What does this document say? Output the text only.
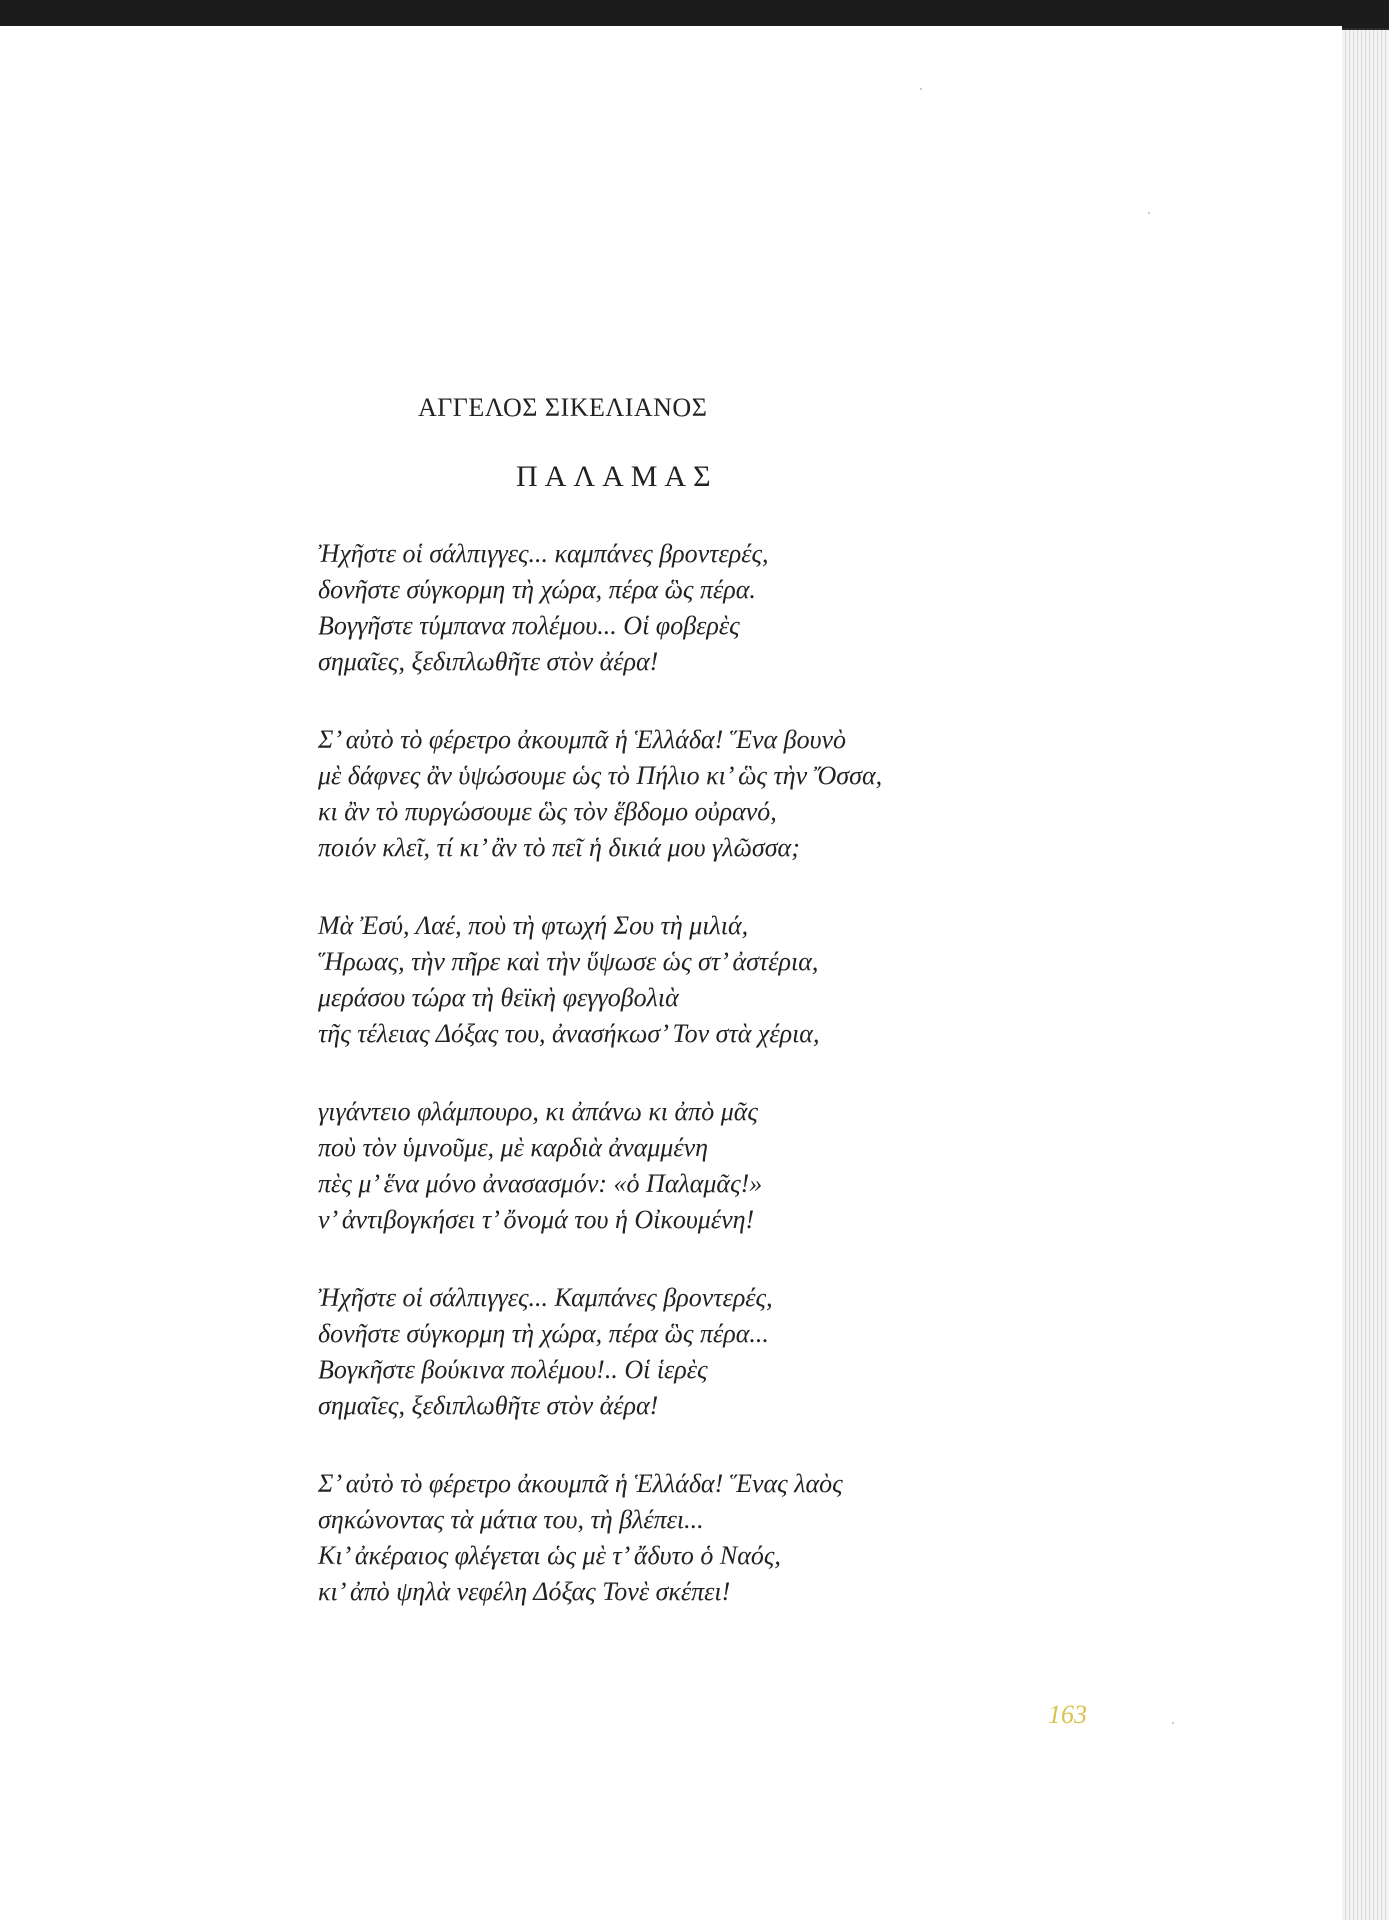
ΑΓΓΕΛΟΣ ΣΙΚΕΛΙΑΝΟΣ
ΠΑΛΑΜΑΣ
Ἠχῆστε οἱ σάλπιγγες... καμπάνες βροντερές,
δονῆστε σύγκορμη τὴ χώρα, πέρα ὣς πέρα.
Βογγῆστε τύμπανα πολέμου... Οἱ φοβερὲς
σημαῖες, ξεδιπλωθῆτε στὸν ἀέρα!
Σ’ αὐτὸ τὸ φέρετρο ἀκουμπᾶ ἡ Ἑλλάδα! Ἕνα βουνὸ
μὲ δάφνες ἂν ὑψώσουμε ὡς τὸ Πήλιο κι’ ὣς τὴν Ὄσσα,
κι ἂν τὸ πυργώσουμε ὣς τὸν ἕβδομο οὐρανό,
ποιόν κλεῖ, τί κι’ ἂν τὸ πεῖ ἡ δικιά μου γλῶσσα;
Μὰ Ἐσύ, Λαέ, ποὺ τὴ φτωχή Σου τὴ μιλιά,
Ἥρωας, τὴν πῆρε καὶ τὴν ὕψωσε ὡς στ’ ἀστέρια,
μεράσου τώρα τὴ θεϊκὴ φεγγοβολιὰ
τῆς τέλειας Δόξας του, ἀνασήκωσ’ Τον στὰ χέρια,
γιγάντειο φλάμπουρο, κι ἀπάνω κι ἀπὸ μᾶς
ποὺ τὸν ὑμνοῦμε, μὲ καρδιὰ ἀναμμένη
πὲς μ’ ἕνα μόνο ἀνασασμόν: «ὁ Παλαμᾶς!»
ν’ ἀντιβογκήσει τ’ ὄνομά του ἡ Οἰκουμένη!
Ἠχῆστε οἱ σάλπιγγες... Καμπάνες βροντερές,
δονῆστε σύγκορμη τὴ χώρα, πέρα ὣς πέρα...
Βογκῆστε βούκινα πολέμου!.. Οἱ ἱερὲς
σημαῖες, ξεδιπλωθῆτε στὸν ἀέρα!
Σ’ αὐτὸ τὸ φέρετρο ἀκουμπᾶ ἡ Ἑλλάδα! Ἕνας λαὸς
σηκώνοντας τὰ μάτια του, τὴ βλέπει...
Κι’ ἀκέραιος φλέγεται ὡς μὲ τ’ ἄδυτο ὁ Ναός,
κι’ ἀπὸ ψηλὰ νεφέλη Δόξας Τονὲ σκέπει!
163
